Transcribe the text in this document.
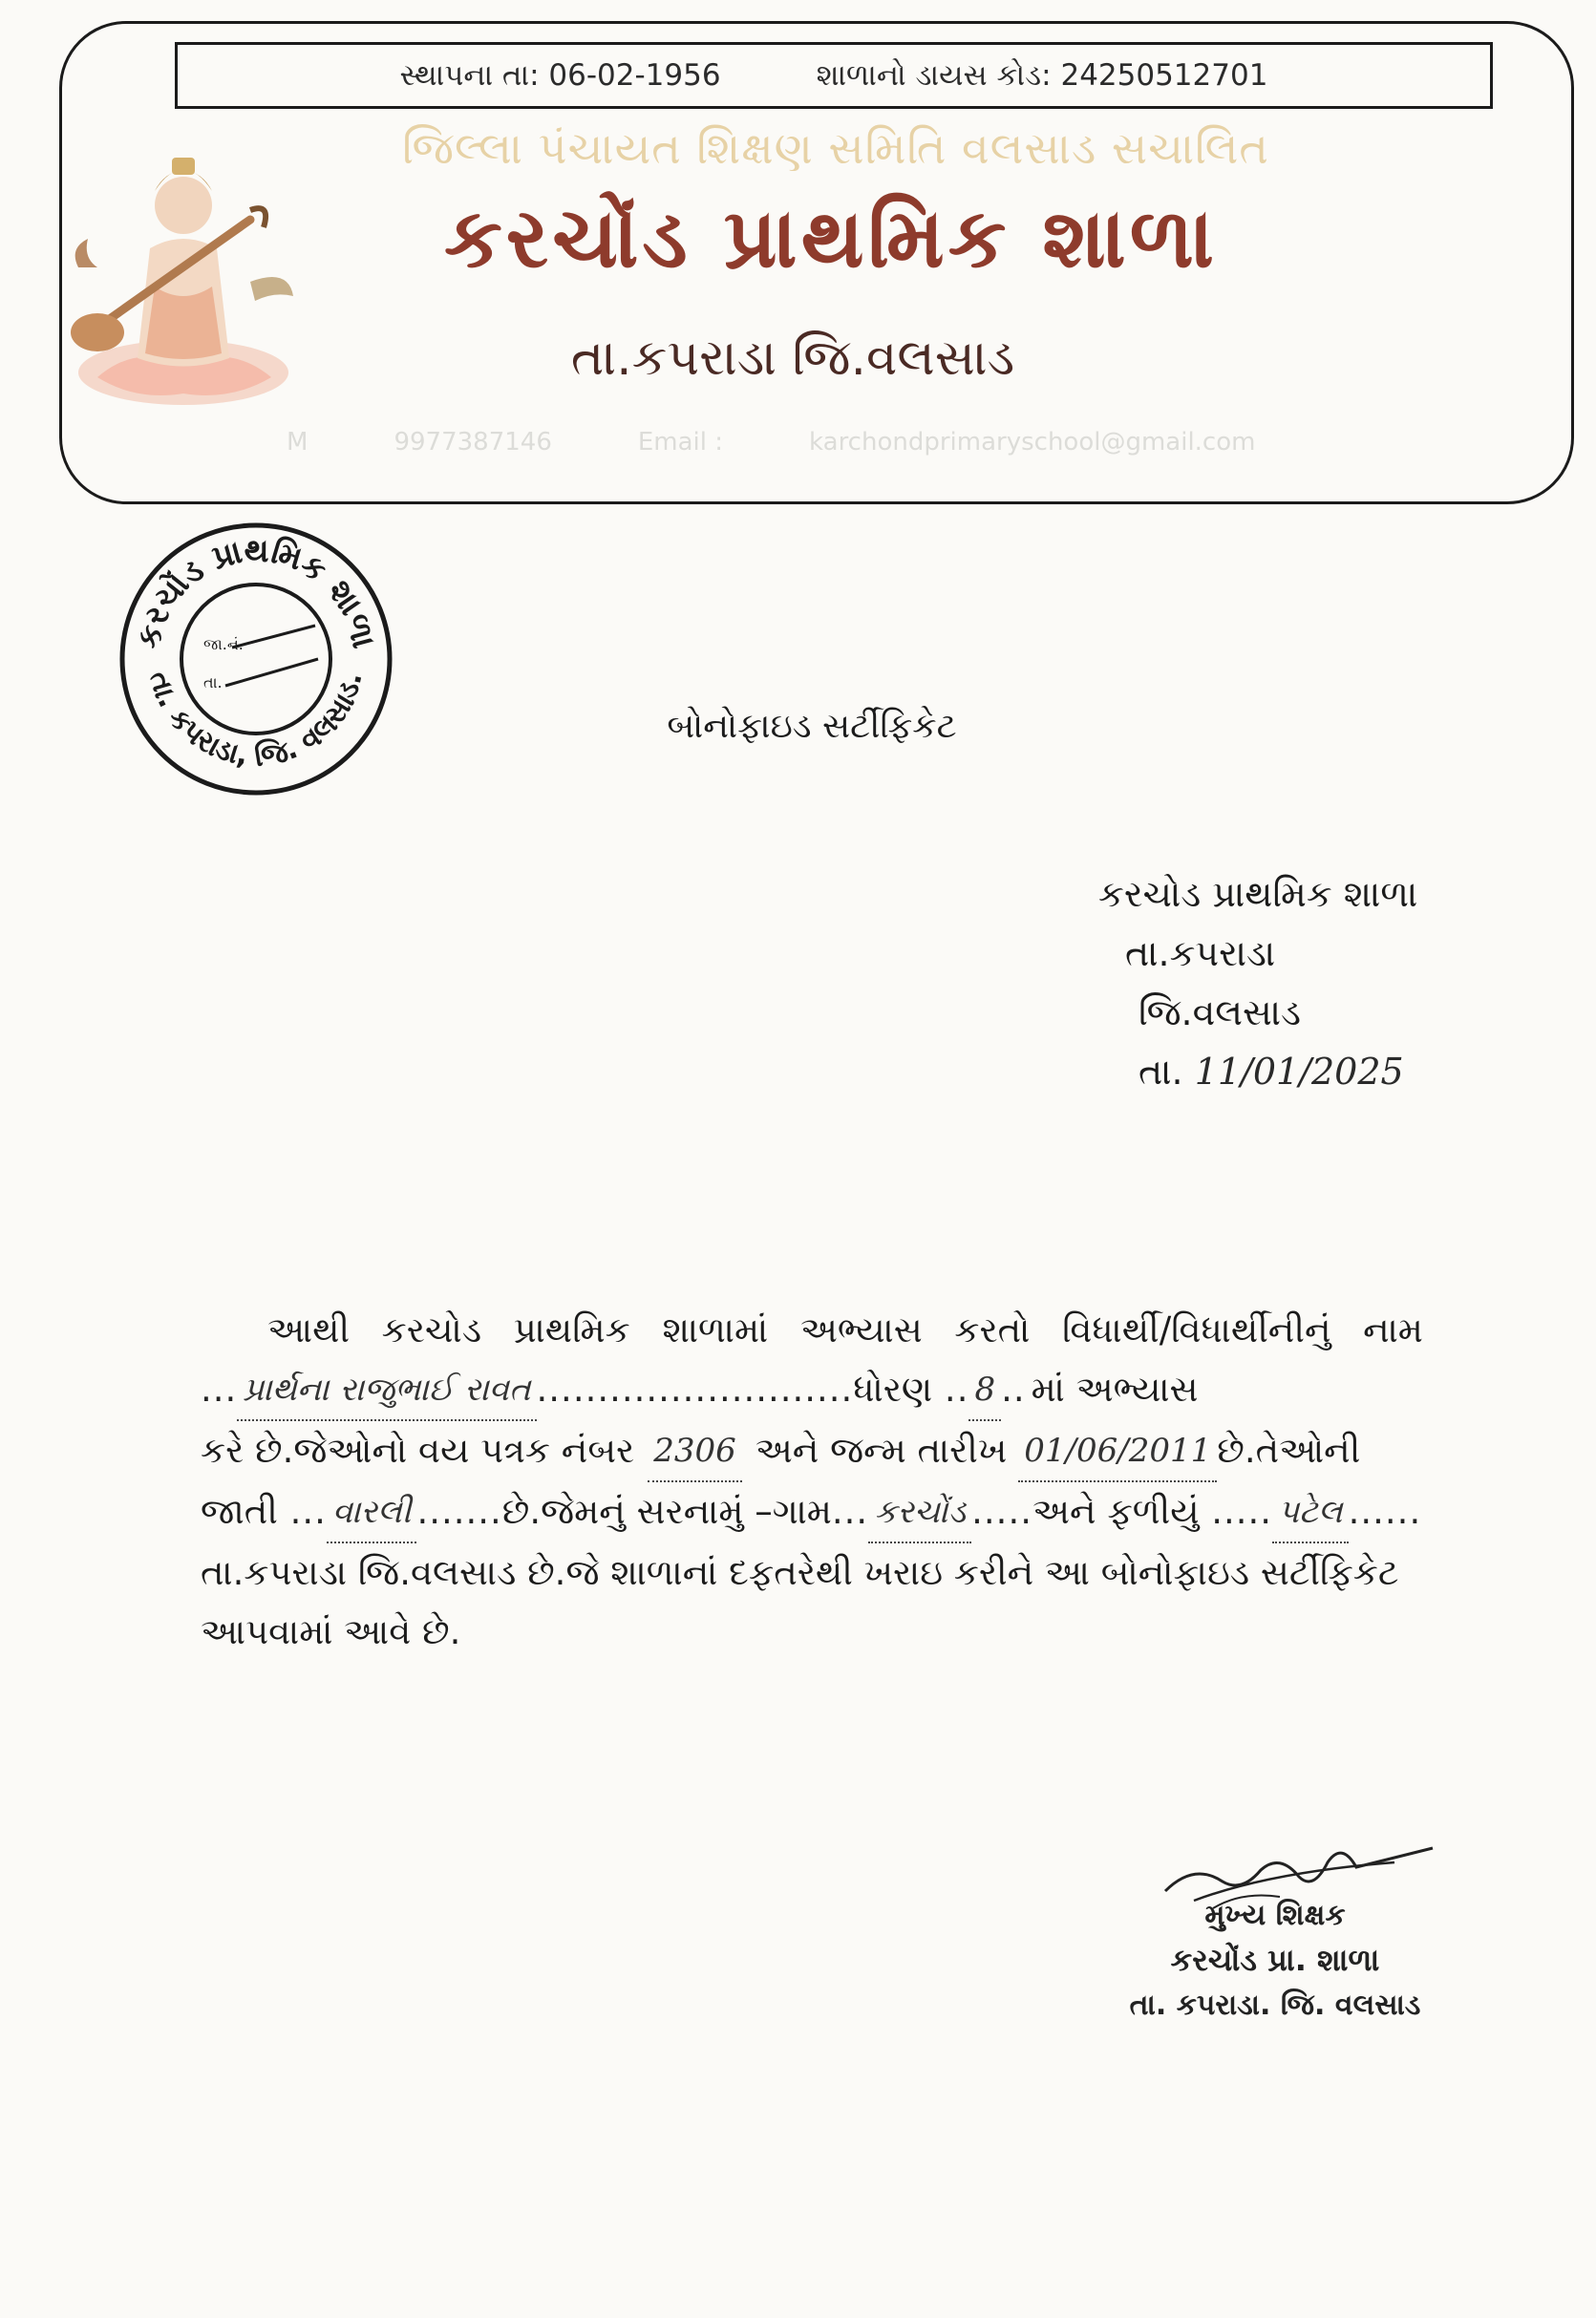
સ્થાપના તા: 06-02-1956	શાળાનો ડાયસ કોડ: 24250512701
જિલ્લા પંચાયત શિક્ષણ સમિતિ વલસાડ સચાલિત
કરચોંડ પ્રાથમિક શાળા
તા.કપરાડા જિ.વલસાડ
M	9977387146	Email :	karchondprimaryschool@gmail.com
કરચોંડ પ્રાથમિક શાળા
તા. કપરાડા, જિ. વલસાડ.
જા.નં.
તા.
બોનોફાઇડ સર્ટીફિકેટ
કરચોડ પ્રાથમિક શાળા
તા.કપરાડા
જિ.વલસાડ
તા. 11/01/2025
આથી કરચોડ પ્રાથમિક શાળામાં અભ્યાસ કરતો વિધાર્થી/વિધાર્થીનીનું નામ
... પ્રાર્થના રાજુભાઈ રાવત .......................... ધોરણ .. 8 .. માં અભ્યાસ
કરે છે.જેઓનો વય પત્રક નંબર 2306 અને જન્મ તારીખ 01/06/2011 છે.તેઓની
જાતી ... વારલી ....... છે.જેમનું સરનામું –ગામ ... કરચોંડ ..... અને ફળીયું ..... પટેલ ......
તા.કપરાડા જિ.વલસાડ છે.જે શાળાનાં દફતરેથી ખરાઇ કરીને આ બોનોફાઇડ સર્ટીફિકેટ
આપવામાં આવે છે.
મુખ્ય શિક્ષક
કરચોંડ પ્રા. શાળા
તા. કપરાડા. જિ. વલસાડ
